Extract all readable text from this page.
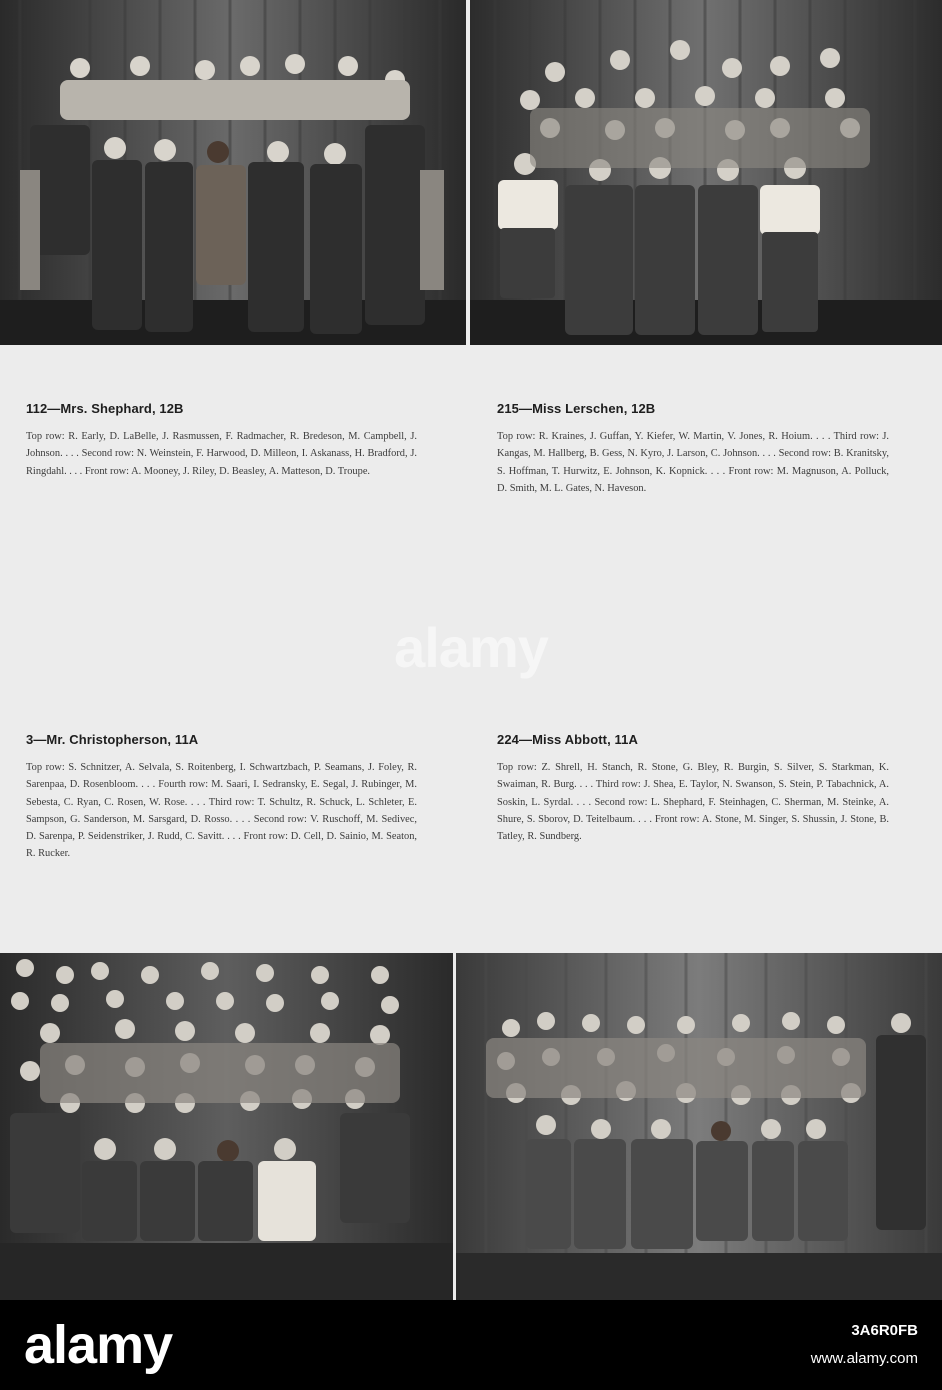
112—Mrs. Shephard, 12B

Top row: R. Early, D. LaBelle, J. Rasmussen, F. Radmacher, R. Bredeson, M. Campbell, J. Johnson. . . . Second row: N. Weinstein, F. Harwood, D. Milleon, I. Askanass, H. Bradford, J. Ringdahl. . . . Front row: A. Mooney, J. Riley, D. Beasley, A. Matteson, D. Troupe.

215—Miss Lerschen, 12B

Top row: R. Kraines, J. Guffan, Y. Kiefer, W. Martin, V. Jones, R. Hoium. . . . Third row: J. Kangas, M. Hallberg, B. Gess, N. Kyro, J. Larson, C. Johnson. . . . Second row: B. Kranitsky, S. Hoffman, T. Hurwitz, E. Johnson, K. Kopnick. . . . Front row: M. Magnuson, A. Polluck, D. Smith, M. L. Gates, N. Haveson.

alamy
3—Mr. Christopherson, 11A

Top row: S. Schnitzer, A. Selvala, S. Roitenberg, I. Schwartzbach, P. Seamans, J. Foley, R. Sarenpaa, D. Rosenbloom. . . . Fourth row: M. Saari, I. Sedransky, E. Segal, J. Rubinger, M. Sebesta, C. Ryan, C. Rosen, W. Rose. . . . Third row: T. Schultz, R. Schuck, L. Schleter, E. Sampson, G. Sanderson, M. Sarsgard, D. Rosso. . . . Second row: V. Ruschoff, M. Sedivec, D. Sarenpa, P. Seidenstriker, J. Rudd, C. Savitt. . . . Front row: D. Cell, D. Sainio, M. Seaton, R. Rucker.

224—Miss Abbott, 11A

Top row: Z. Shrell, H. Stanch, R. Stone, G. Bley, R. Burgin, S. Silver, S. Starkman, K. Swaiman, R. Burg. . . . Third row: J. Shea, E. Taylor, N. Swanson, S. Stein, P. Tabachnick, A. Soskin, L. Syrdal. . . . Second row: L. Shephard, F. Steinhagen, C. Sherman, M. Steinke, A. Shure, S. Sborov, D. Teitelbaum. . . . Front row: A. Stone, M. Singer, S. Shussin, J. Stone, B. Tatley, R. Sundberg.

alamy	3A6R0FB
www.alamy.com
